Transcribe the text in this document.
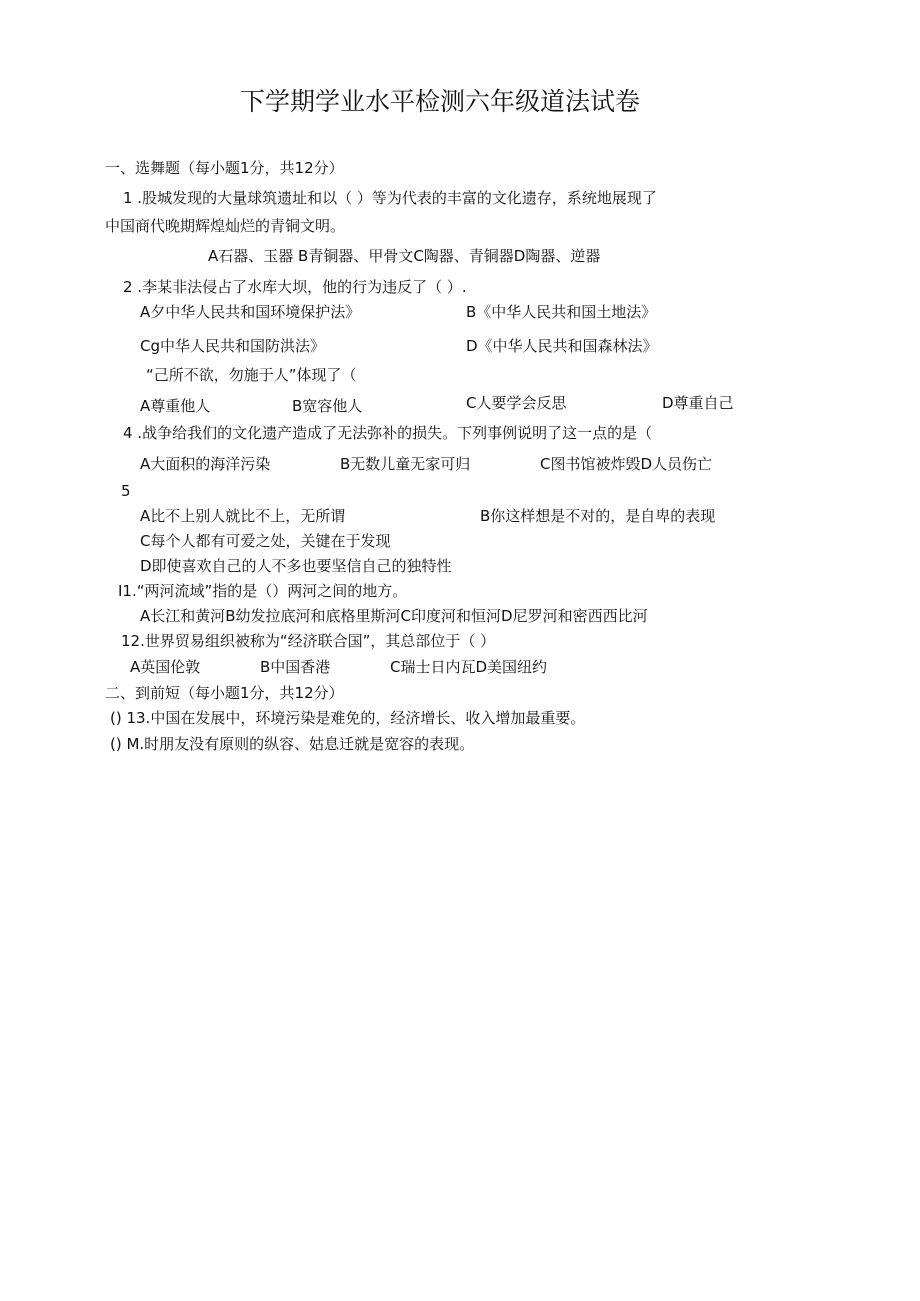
下学期学业水平检测六年级道法试卷
一、选舞题（每小题1分，共12分）
1 .股城发现的大量球筑遗址和以（ ）等为代表的丰富的文化遗存，系统地展现了
中国商代晚期辉煌灿烂的青铜文明。
A石器、玉器 B青铜器、甲骨文C陶器、青铜器D陶器、逆器
2 .李某非法侵占了水库大坝，他的行为违反了（ ）.
A夕中华人民共和国环境保护法》	B《中华人民共和国土地法》
Cg中华人民共和国防洪法》	D《中华人民共和国森林法》
“己所不欲，勿施于人”体现了（
A尊重他人	B宽容他人	C人要学会反思	D尊重自己
4 .战争给我们的文化遗产造成了无法弥补的损失。下列事例说明了这一点的是（
A大面积的海洋污染	B无数儿童无家可归	C图书馆被炸毁D人员伤亡
5
A比不上别人就比不上，无所谓	B你这样想是不对的，是自卑的表现
C每个人都有可爱之处，关键在于发现
D即使喜欢自己的人不多也要坚信自己的独特性
I1.“两河流域”指的是（）两河之间的地方。
A长江和黄河B幼发拉底河和底格里斯河C印度河和恒河D尼罗河和密西西比河
12.世界贸易组织被称为“经济联合国”，其总部位于（ ）
A英国伦敦	B中国香港	C瑞士日内瓦D美国纽约
二、到前短（每小题1分，共12分）
() 13.中国在发展中，环境污染是难免的，经济增长、收入增加最重要。
() M.时朋友没有原则的纵容、姑息迁就是宽容的表现。
